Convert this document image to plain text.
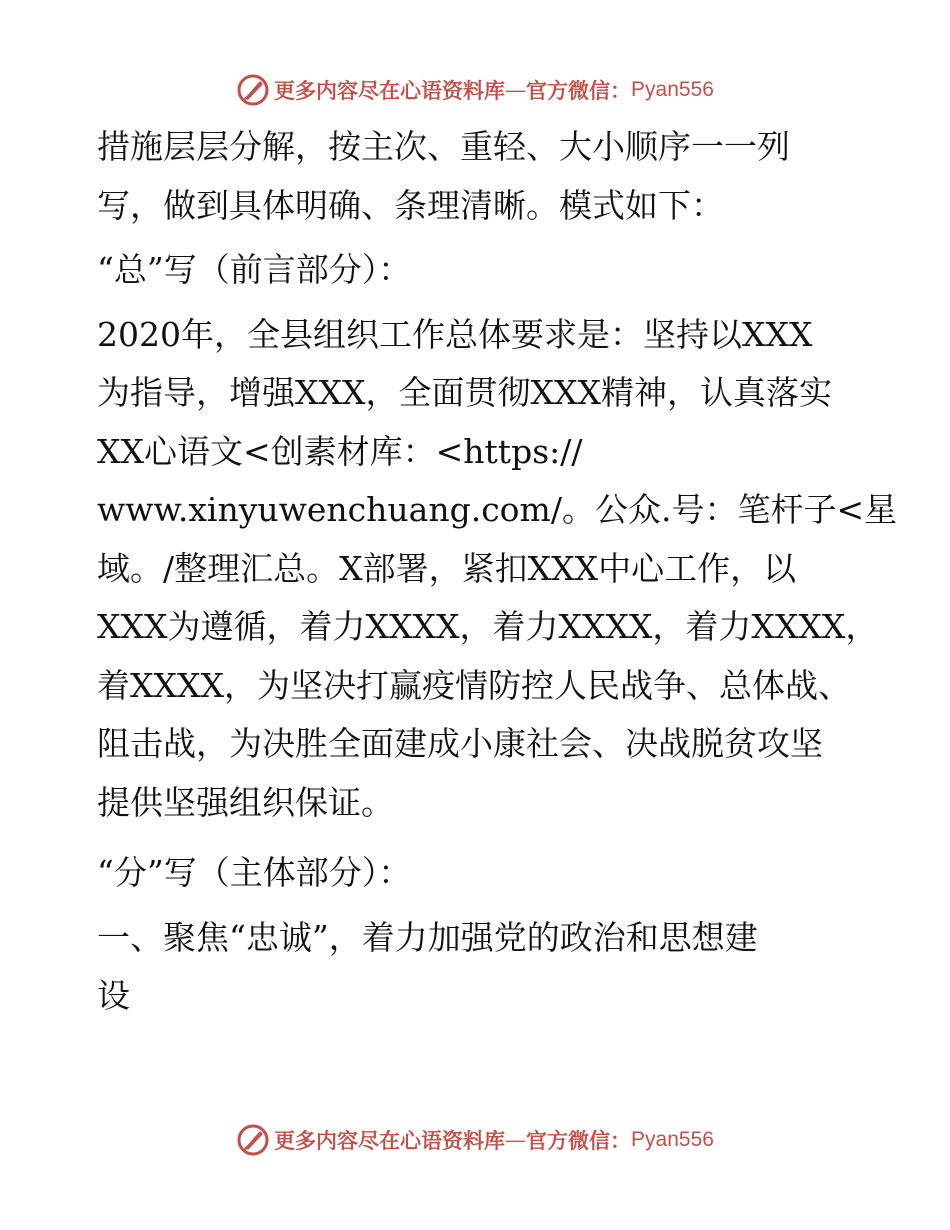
更多内容尽在心语资料库 — 官方微信： Pyan556
措施层层分解，按主次、重轻、大小顺序一一列
写，做到具体明确、条理清晰。模式如下：
“总”写（前言部分）：
2020年，全县组织工作总体要求是：坚持以XXX
为指导，增强XXX，全面贯彻XXX精神，认真落实
XX心语文<创素材库：<https://
www.xinyuwenchuang.com/。公众.号：笔杆子<星
域。/整理汇总。X部署，紧扣XXX中心工作，以
XXX为遵循，着力XXXX，着力XXXX，着力XXXX，
着XXXX，为坚决打赢疫情防控人民战争、总体战、
阻击战，为决胜全面建成小康社会、决战脱贫攻坚
提供坚强组织保证。
“分”写（主体部分）：
一、聚焦“忠诚”，着力加强党的政治和思想建
设
更多内容尽在心语资料库 — 官方微信： Pyan556
